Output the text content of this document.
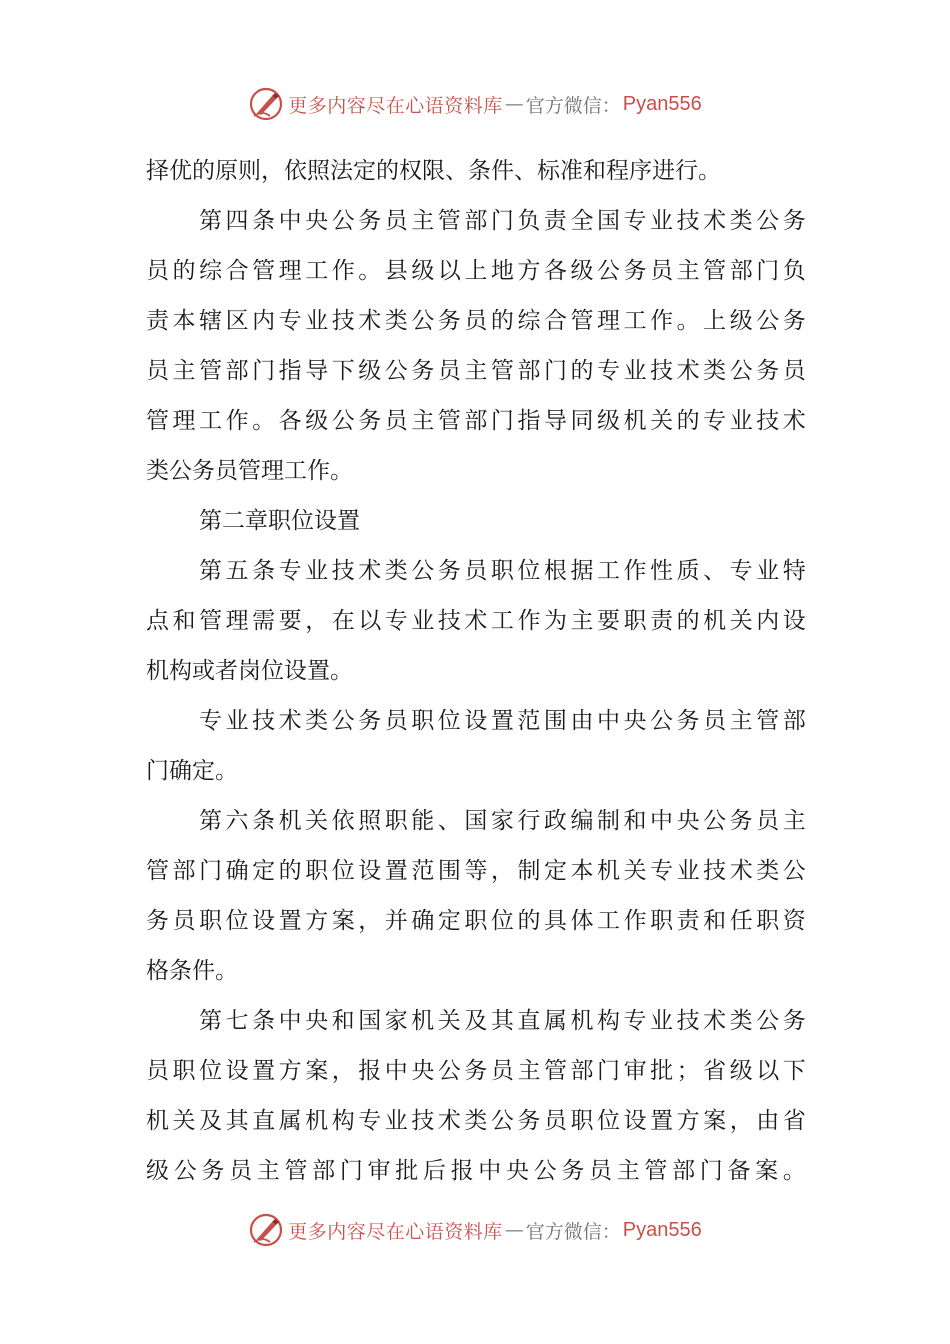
更多内容尽在心语资料库 — 官方微信： Pyan556
择优的原则，依照法定的权限、条件、标准和程序进行。
第 四 条 中 央 公 务 员 主 管 部 门 负 责 全 国 专 业 技 术 类 公 务
员 的 综 合 管 理 工 作 。 县 级 以 上 地 方 各 级 公 务 员 主 管 部 门 负
责 本 辖 区 内 专 业 技 术 类 公 务 员 的 综 合 管 理 工 作 。 上 级 公 务
员 主 管 部 门 指 导 下 级 公 务 员 主 管 部 门 的 专 业 技 术 类 公 务 员
管 理 工 作 。 各 级 公 务 员 主 管 部 门 指 导 同 级 机 关 的 专 业 技 术
类公务员管理工作。
第二章职位设置
第 五 条 专 业 技 术 类 公 务 员 职 位 根 据 工 作 性 质 、 专 业 特
点 和 管 理 需 要 ， 在 以 专 业 技 术 工 作 为 主 要 职 责 的 机 关 内 设
机构或者岗位设置。
专 业 技 术 类 公 务 员 职 位 设 置 范 围 由 中 央 公 务 员 主 管 部
门确定。
第 六 条 机 关 依 照 职 能 、 国 家 行 政 编 制 和 中 央 公 务 员 主
管 部 门 确 定 的 职 位 设 置 范 围 等 ， 制 定 本 机 关 专 业 技 术 类 公
务 员 职 位 设 置 方 案 ， 并 确 定 职 位 的 具 体 工 作 职 责 和 任 职 资
格条件。
第 七 条 中 央 和 国 家 机 关 及 其 直 属 机 构 专 业 技 术 类 公 务
员 职 位 设 置 方 案 ， 报 中 央 公 务 员 主 管 部 门 审 批 ； 省 级 以 下
机 关 及 其 直 属 机 构 专 业 技 术 类 公 务 员 职 位 设 置 方 案 ， 由 省
级 公 务 员 主 管 部 门 审 批 后 报 中 央 公 务 员 主 管 部 门 备 案 。
更多内容尽在心语资料库 — 官方微信： Pyan556
